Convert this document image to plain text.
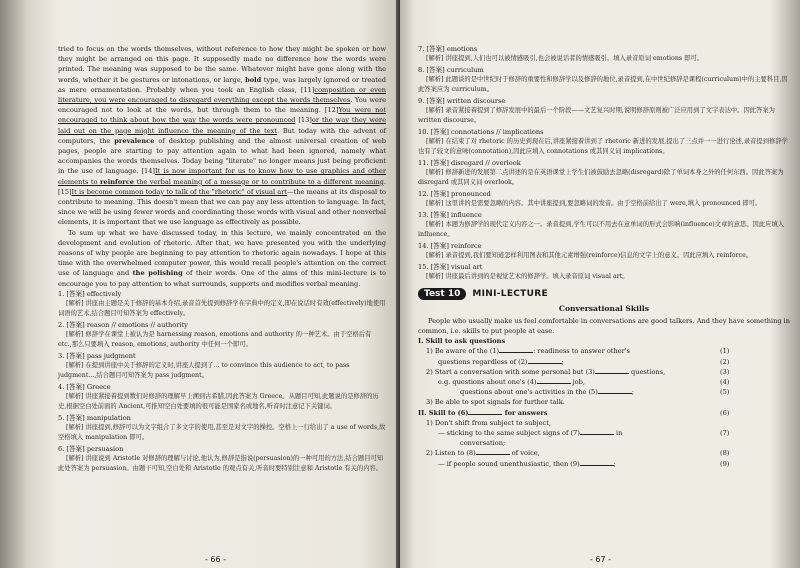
tried to focus on the words themselves, without reference to how they might be spoken or how they might be arranged on this page. It supposedly made no difference how the words were printed. The meaning was supposed to be the same. Whatever might have gone along with the words, whether it be gestures or intonations, or large, bold type, was largely ignored or treated as mere ornamentation. Probably when you took an English class, [11]composition or even literature, you were encouraged to disregard everything except the words themselves. You were encouraged not to look at the words, but through them to the meaning. [12]You were not encouraged to think about how the way the words were pronounced [13]or the way they were laid out on the page might influence the meaning of the text. But today with the advent of computers, the prevalence of desktop publishing and the almost universal creation of web pages, people are starting to pay attention again to what had been ignored, namely what accompanies the words themselves. Today being "literate" no longer means just being proficient in the use of language. [14]It is now important for us to know how to use graphics and other elements to reinforce the verbal meaning of a message or to contribute to a different meaning. [15]It is become common today to talk of the "rhetoric" of visual art—the means at its disposal to contribute to meaning. This doesn't mean that we can pay any less attention to language. In fact, since we will be using fewer words and coordinating those words with visual and other nonverbal elements, it is important that we use language as effectively as possible.

To sum up what we have discussed today, in this lecture, we mainly concentrated on the development and evolution of rhetoric. After that, we have presented you with the underlying reasons of why people are beginning to pay attention to rhetoric again nowadays. I hope at this time with the overwhelmed computer power, this would recall people's attention on the correct use of language and the polishing of their words. One of the aims of this mini-lecture is to encourage you to pay attention to what surrounds, supports and modifies verbal meaning.

1. [答案] effectively

[解析] 讲座由主题是关于修辞的基本介绍,录音首先提到修辞学在字典中的定义,即在说话时有效(effectively)地使用词语的艺术,结合题目可知答案为 effectively。

2. [答案] reason // emotions // authority

[解析] 修辞学在课堂上被认为是 harnessing reason, emotions and authority 的一种艺术。由于空格后有 etc.,那么只要填入 reason, emotions, authority 中任何一个即可。

3. [答案] pass judgment

[解析] 在提到讲座中关于修辞的定义时,讲座人提到了... to convince this audience to act, to pass judgment...,结合题目可知答案为 pass judgment。

4. [答案] Greece

[解析] 讲座紧接着提到数们对修辞的理解早上溯到古希腊,因此答案为 Greece。从题目可知,此题说的是修辞的历史,根据空白处前面的 Ancient,可推知空白处要填的很可能是国家名或地名,听音时注意记下关键词。

5. [答案] manipulation

[解析] 讲座提到,修辞可以为文字组合了多文字的使用,甚至是对文字的操控。空格上一行给出了 a use of words,故空格填入 manipulation 即可。

6. [答案] persuasion

[解析] 讲座说到 Aristotle 对修辞的理解与讨论,他认为,修辞是指说(persuasion)的一种可用的方法,结合题目可知此处答案为 persuasion。由题干可知,空白处和 Aristotle 的观点有关,听音时要特别注意和 Aristotle 有关的内容。

- 66 -

7. [答案] emotions

[解析] 讲座提到,人们也可以被情感吸引,也会被说话者的情感吸引。填入录音原词 emotions 即可。

8. [答案] curriculum

[解析] 此题谈的是中世纪时于修辞的重要性和修辞学以及修辞的地位,录音提到,在中世纪修辞是课程(curriculum)中的主要科目,因此答案应为 curriculum。

9. [答案] written discourse

[解析] 录音紧接着提到了修辞发展中的最后一个阶段——文艺复兴时期,说明修辞原则被广泛应用到了文字表达中。因此答案为 written discourse。

10. [答案] connotations // implications

[解析] 在结束了对 rhetoric 的历史到现在后,讲座紧接着讲到了 rhetoric 新进的发展,提出了三点并一一进行论述,录音提到修辞学也有了较文的意味(connotation),因此应填入 connotations 或其同义词 implications。

11. [答案] disregard // overlook

[解析] 修辞新进的发展第二点讲述的是在英语课堂上学生们被鼓励去忽略(disregard)除了单词本身之外的任何东西。因此答案为 disregard 或其同义词 overlook。

12. [答案] pronounced

[解析] 这里讲的是需要忽略的内容。其中讲座提到,要忽略词的发音。由于空格前给出了 were,填入 pronounced 即可。

13. [答案] influence

[解析] 本题为修辞学的现代定义内容之一。录音提到,学生可以不用去在意单词的形式会影响(influence)文章的意思。因此应填入 influence。

14. [答案] reinforce

[解析] 录音提到,我们要知道怎样利用图表和其他元素增强(reinforce)信息的文字上的意义。因此应填入 reinforce。

15. [答案] visual art

[解析] 讲座最后讲到的是视觉艺术的修辞学。填入录音原词 visual art。

Test 10	MINI-LECTURE
Conversational Skills

People who usually make us feel comfortable in conversations are good talkers. And they have something in common, i.e. skills to put people at ease.

I. Skill to ask questions
1) Be aware of the (1)	: readiness to answer other's	(1)
questions regardless of (2)	;	(2)
2) Start a conversation with some personal but (3)	questions,	(3)
e.g. questions about one's (4)	job,	(4)
questions about one's activities in the (5)	;	(5)
3) Be able to spot signals for further talk.
II. Skill to (6)	for answers	(6)
1) Don't shift from subject to subject,
— sticking to the same subject signs of (7)	in	(7)
conversation;
2) Listen to (8)	of voice,	(8)
— if people sound unenthusiastic, then (9)	;	(9)
- 67 -
